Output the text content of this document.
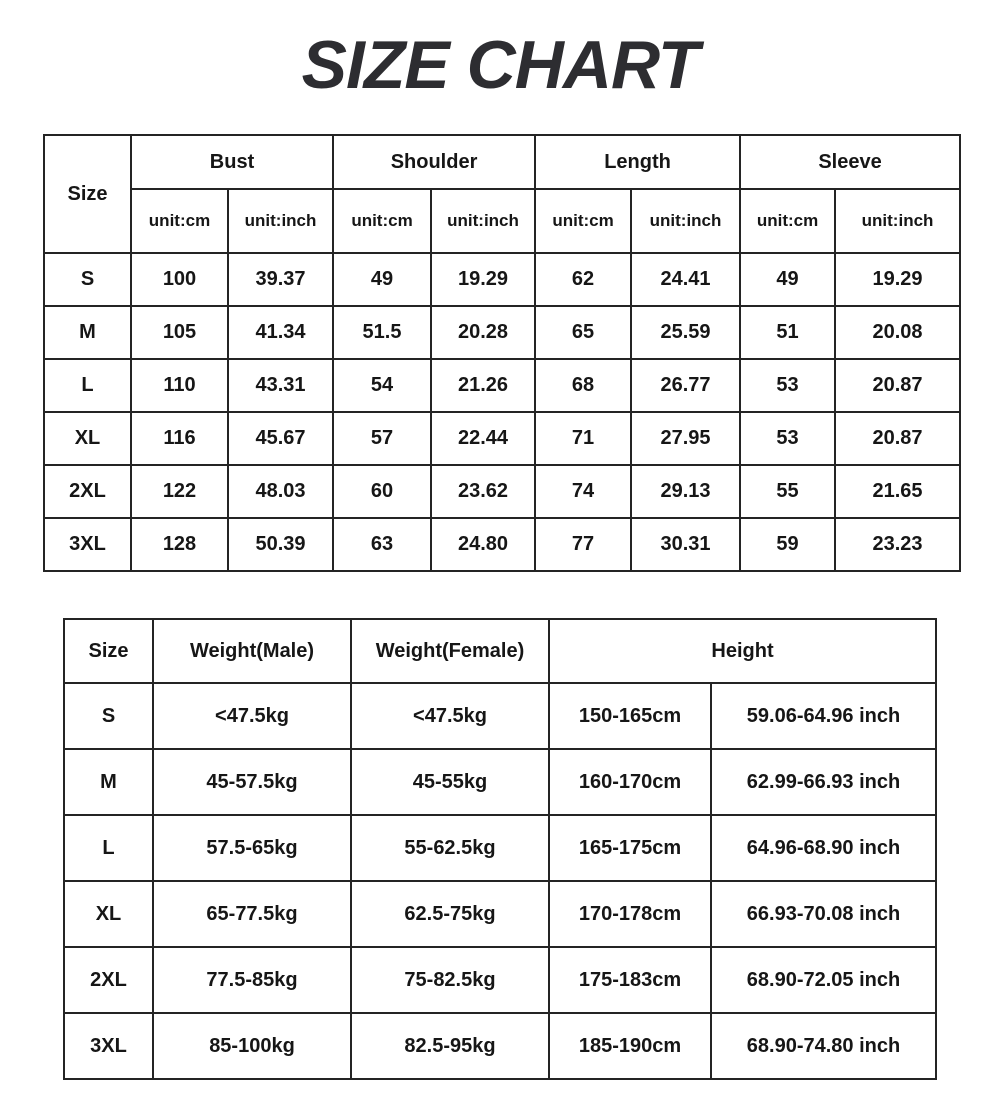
SIZE CHART
Size	Bust		Shoulder		Length		Sleeve	
	unit:cm	unit:inch	unit:cm	unit:inch	unit:cm	unit:inch	unit:cm	unit:inch
S	100	39.37	49	19.29	62	24.41	49	19.29
M	105	41.34	51.5	20.28	65	25.59	51	20.08
L	110	43.31	54	21.26	68	26.77	53	20.87
XL	116	45.67	57	22.44	71	27.95	53	20.87
2XL	122	48.03	60	23.62	74	29.13	55	21.65
3XL	128	50.39	63	24.80	77	30.31	59	23.23
Size	Weight(Male)	Weight(Female)	Height	
S	<47.5kg	<47.5kg	150-165cm	59.06-64.96 inch
M	45-57.5kg	45-55kg	160-170cm	62.99-66.93 inch
L	57.5-65kg	55-62.5kg	165-175cm	64.96-68.90 inch
XL	65-77.5kg	62.5-75kg	170-178cm	66.93-70.08 inch
2XL	77.5-85kg	75-82.5kg	175-183cm	68.90-72.05 inch
3XL	85-100kg	82.5-95kg	185-190cm	68.90-74.80 inch
